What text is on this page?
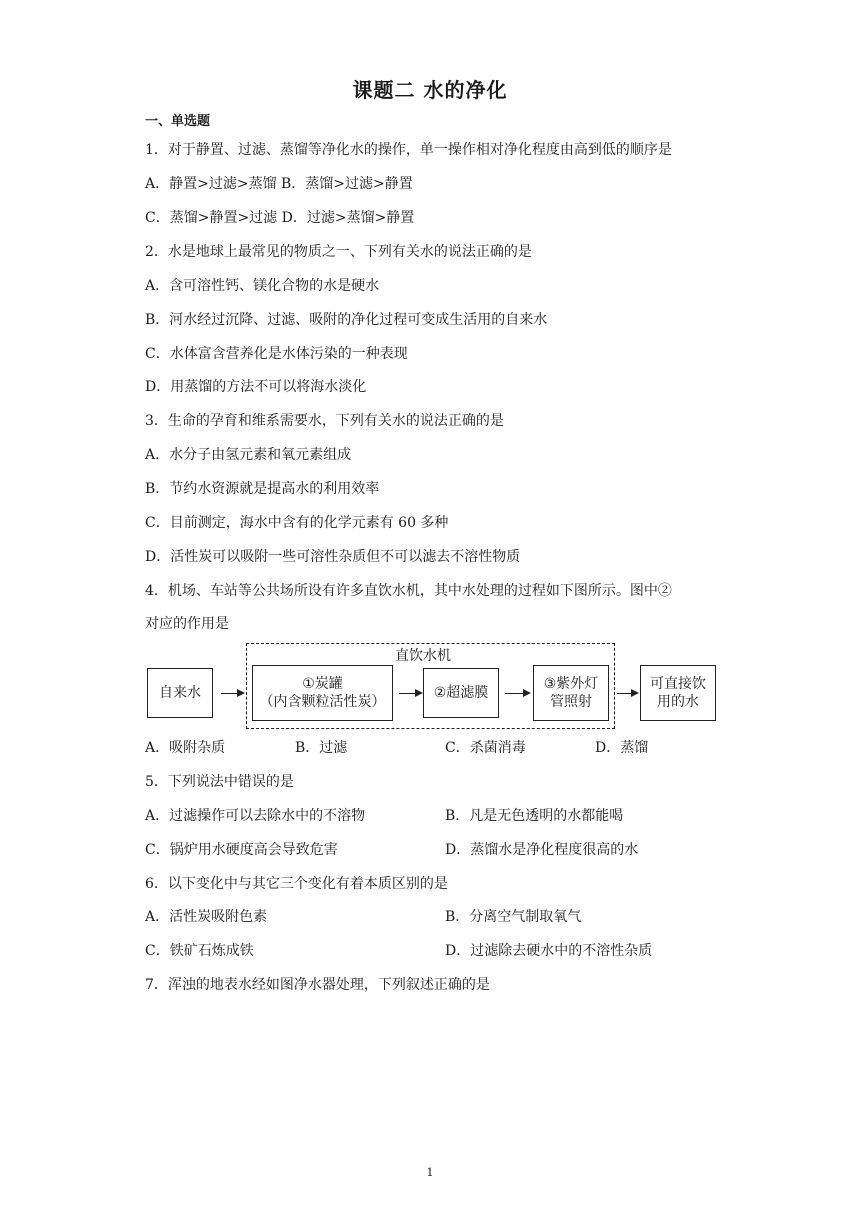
课题二 水的净化
一、单选题
1．对于静置、过滤、蒸馏等净化水的操作，单一操作相对净化程度由高到低的顺序是
A．静置>过滤>蒸馏 B．蒸馏>过滤>静置
C．蒸馏>静置>过滤 D．过滤>蒸馏>静置
2．水是地球上最常见的物质之一、下列有关水的说法正确的是
A．含可溶性钙、镁化合物的水是硬水
B．河水经过沉降、过滤、吸附的净化过程可变成生活用的自来水
C．水体富含营养化是水体污染的一种表现
D．用蒸馏的方法不可以将海水淡化
3．生命的孕育和维系需要水，下列有关水的说法正确的是
A．水分子由氢元素和氧元素组成
B．节约水资源就是提高水的利用效率
C．目前测定，海水中含有的化学元素有 60 多种
D．活性炭可以吸附一些可溶性杂质但不可以滤去不溶性物质
4．机场、车站等公共场所设有许多直饮水机，其中水处理的过程如下图所示。图中②
对应的作用是
直饮水机
自来水
①炭罐
（内含颗粒活性炭）
②超滤膜
③紫外灯
管照射
可直接饮
用的水
A．吸附杂质	B．过滤	C．杀菌消毒	D．蒸馏
5．下列说法中错误的是
A．过滤操作可以去除水中的不溶物	B．凡是无色透明的水都能喝
C．锅炉用水硬度高会导致危害	D．蒸馏水是净化程度很高的水
6．以下变化中与其它三个变化有着本质区别的是
A．活性炭吸附色素	B．分离空气制取氧气
C．铁矿石炼成铁	D．过滤除去硬水中的不溶性杂质
7．浑浊的地表水经如图净水器处理，下列叙述正确的是
1
